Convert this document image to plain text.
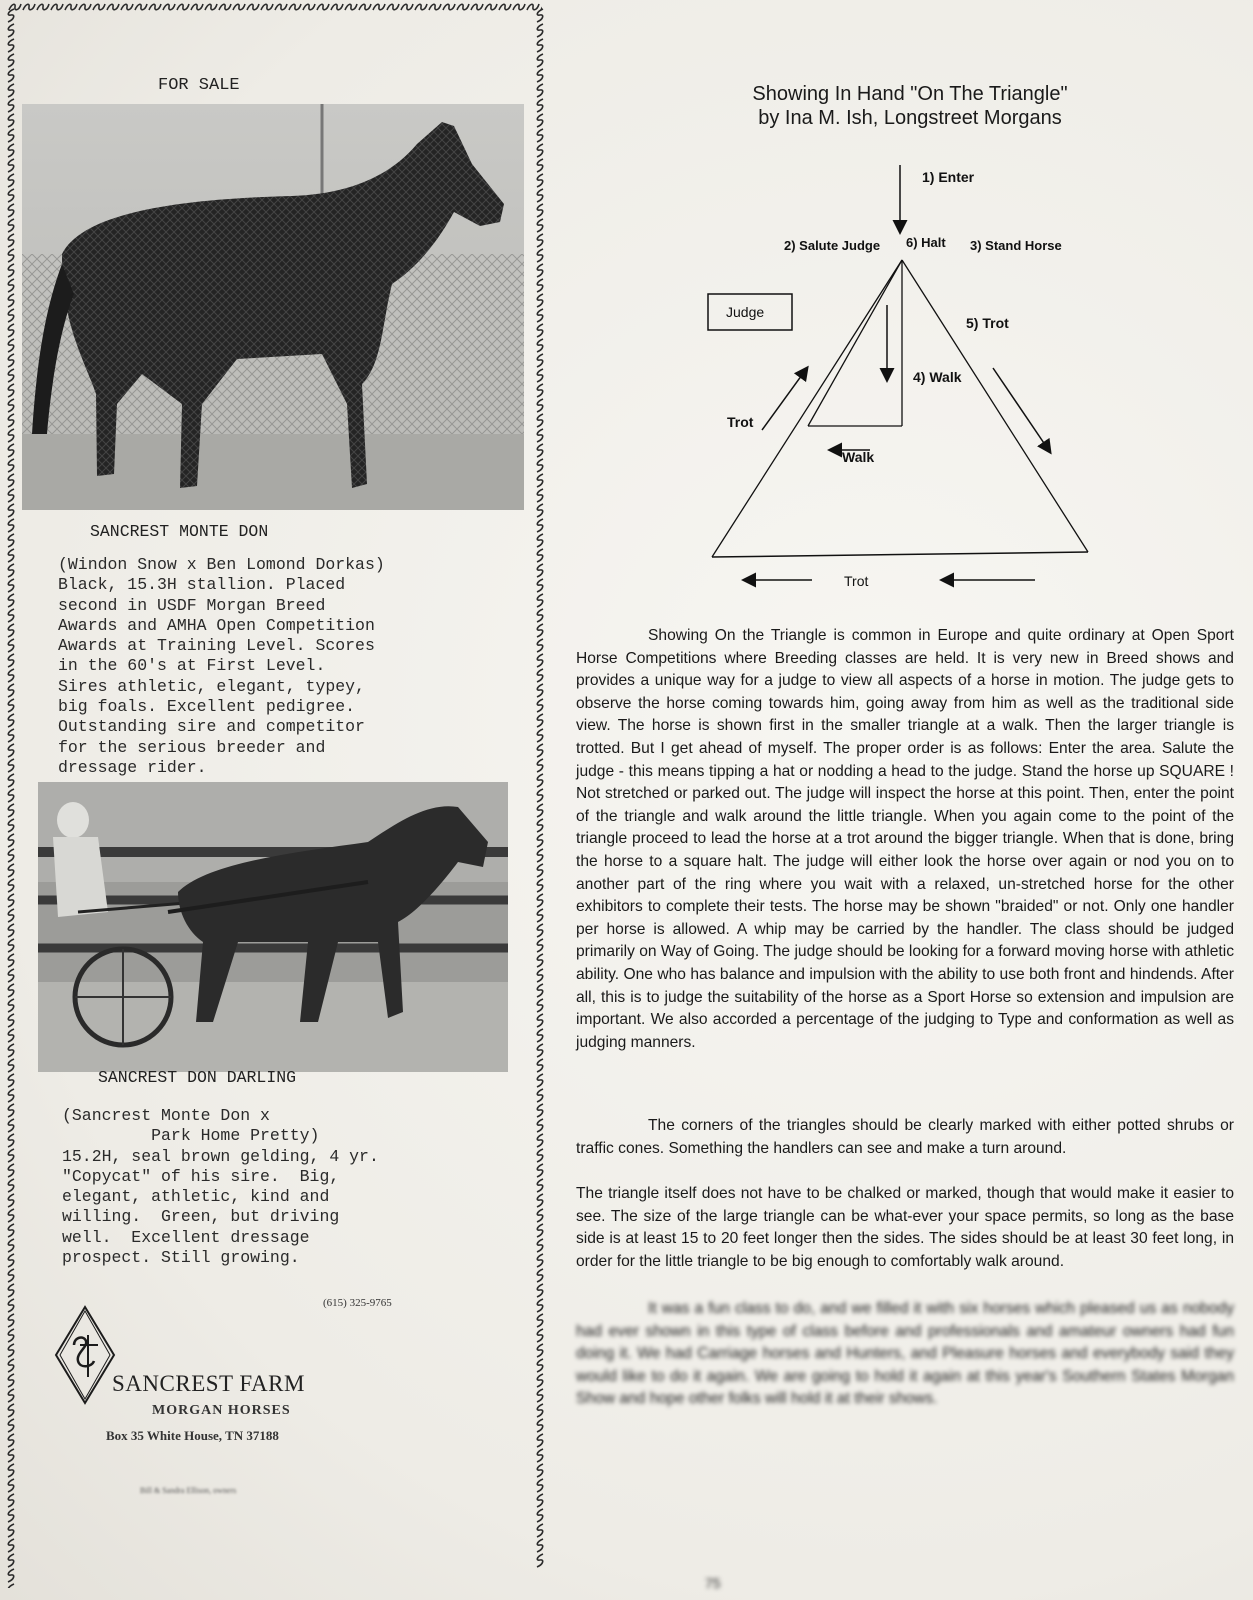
FOR SALE
SANCREST MONTE DON
(Windon Snow x Ben Lomond Dorkas)
Black, 15.3H stallion. Placed
second in USDF Morgan Breed
Awards and AMHA Open Competition
Awards at Training Level. Scores
in the 60's at First Level.
Sires athletic, elegant, typey,
big foals. Excellent pedigree.
Outstanding sire and competitor
for the serious breeder and
dressage rider.
SANCREST DON DARLING
(Sancrest Monte Don x
Park Home Pretty)
15.2H, seal brown gelding, 4 yr.
"Copycat" of his sire.  Big,
elegant, athletic, kind and
willing.  Green, but driving
well.  Excellent dressage
prospect. Still growing.
(615) 325-9765
SANCREST FARM
MORGAN HORSES
Box 35 White House, TN 37188
Bill & Sandra Ellison, owners
Showing In Hand "On The Triangle"
by Ina M. Ish, Longstreet Morgans
1) Enter
2) Salute Judge 6) Halt 3) Stand Horse
Judge
5) Trot
4) Walk
Trot
Walk
Trot

Showing On the Triangle is common in Europe and quite ordinary at Open Sport Horse Competitions where Breeding classes are held. It is very new in Breed shows and provides a unique way for a judge to view all aspects of a horse in motion. The judge gets to observe the horse coming towards him, going away from him as well as the traditional side view. The horse is shown first in the smaller triangle at a walk. Then the larger triangle is trotted. But I get ahead of myself. The proper order is as follows: Enter the area. Salute the judge - this means tipping a hat or nodding a head to the judge. Stand the horse up SQUARE ! Not stretched or parked out. The judge will inspect the horse at this point. Then, enter the point of the triangle and walk around the little triangle. When you again come to the point of the triangle proceed to lead the horse at a trot around the bigger triangle. When that is done, bring the horse to a square halt. The judge will either look the horse over again or nod you on to another part of the ring where you wait with a relaxed, un-stretched horse for the other exhibitors to complete their tests. The horse may be shown "braided" or not. Only one handler per horse is allowed. A whip may be carried by the handler. The class should be judged primarily on Way of Going. The judge should be looking for a forward moving horse with athletic ability. One who has balance and impulsion with the ability to use both front and hindends. After all, this is to judge the suitability of the horse as a Sport Horse so extension and impulsion are important. We also accorded a percentage of the judging to Type and conformation as well as judging manners.

The corners of the triangles should be clearly marked with either potted shrubs or traffic cones. Something the handlers can see and make a turn around.

The triangle itself does not have to be chalked or marked, though that would make it easier to see. The size of the large triangle can be what-ever your space permits, so long as the base side is at least 15 to 20 feet longer then the sides. The sides should be at least 30 feet long, in order for the little triangle to be big enough to comfortably walk around.

It was a fun class to do, and we filled it with six horses which pleased us as nobody had ever shown in this type of class before and professionals and amateur owners had fun doing it. We had Carriage horses and Hunters, and Pleasure horses and everybody said they would like to do it again. We are going to hold it again at this year's Southern States Morgan Show and hope other folks will hold it at their shows.

75
